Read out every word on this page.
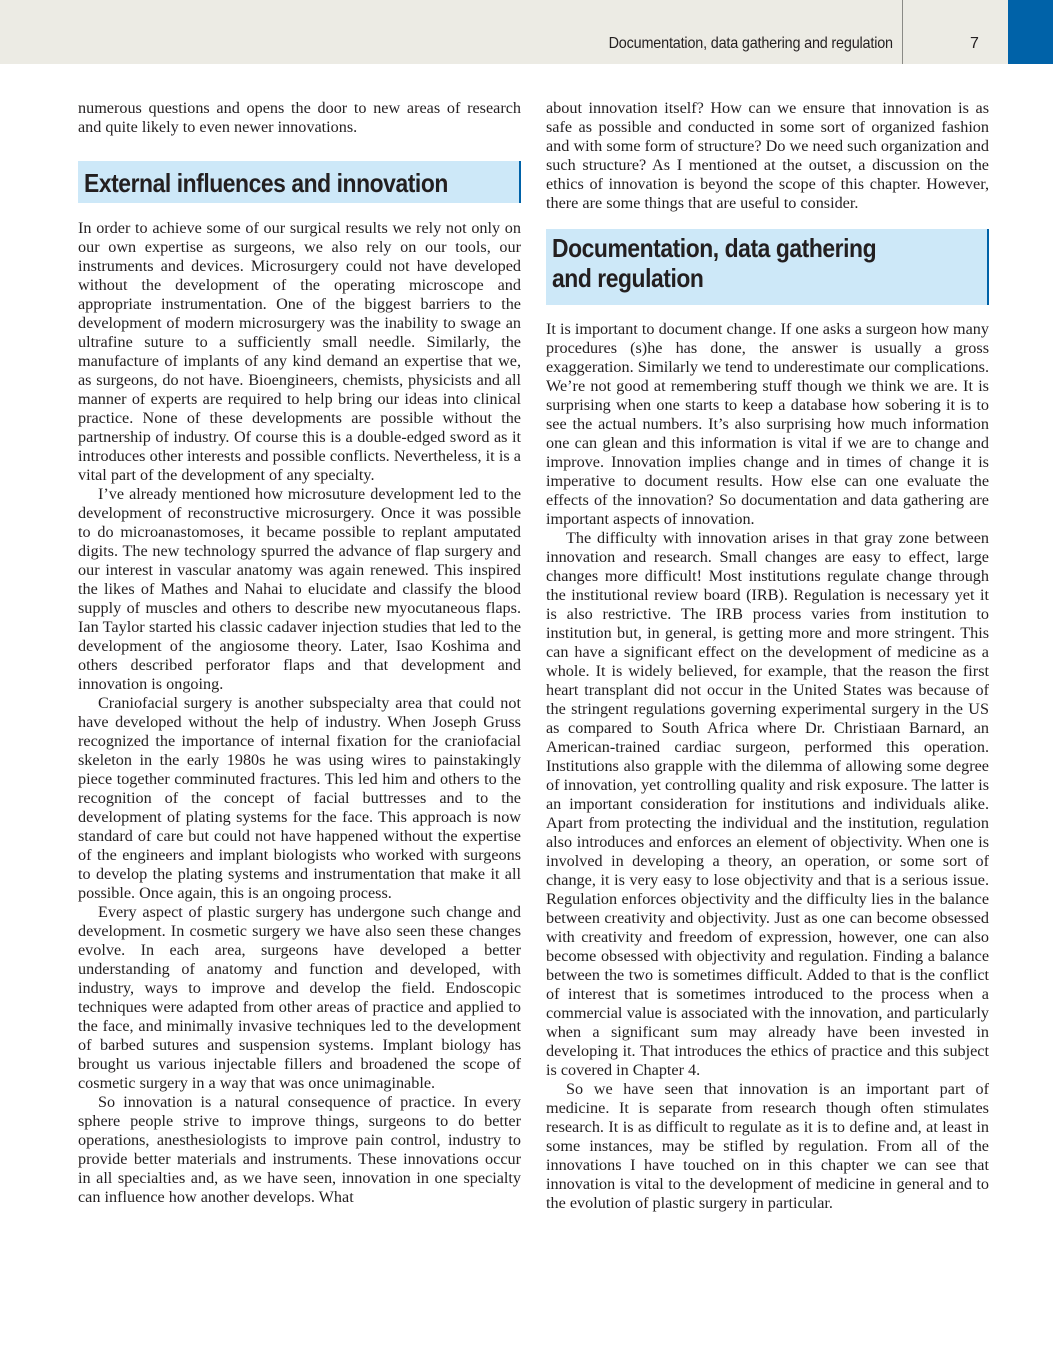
Documentation, data gathering and regulation	7

numerous questions and opens the door to new areas of research and quite likely to even newer innovations.

External influences and innovation

In order to achieve some of our surgical results we rely not only on our own expertise as surgeons, we also rely on our tools, our instruments and devices. Microsurgery could not have developed without the development of the operating microscope and appropriate instrumentation. One of the biggest barriers to the development of modern microsurgery was the inability to swage an ultrafine suture to a sufficiently small needle. Similarly, the manufacture of implants of any kind demand an expertise that we, as surgeons, do not have. Bioengineers, chemists, physicists and all manner of experts are required to help bring our ideas into clinical practice. None of these developments are possible without the partnership of industry. Of course this is a double-edged sword as it introduces other interests and possible conflicts. Nevertheless, it is a vital part of the development of any specialty.

I’ve already mentioned how microsuture development led to the development of reconstructive microsurgery. Once it was possible to do microanastomoses, it became possible to replant amputated digits. The new technology spurred the advance of flap surgery and our interest in vascular anatomy was again renewed. This inspired the likes of Mathes and Nahai to elucidate and classify the blood supply of muscles and others to describe new myocutaneous flaps. Ian Taylor started his classic cadaver injection studies that led to the development of the angiosome theory. Later, Isao Koshima and others described perforator flaps and that development and innovation is ongoing.

Craniofacial surgery is another subspecialty area that could not have developed without the help of industry. When Joseph Gruss recognized the importance of internal fixation for the craniofacial skeleton in the early 1980s he was using wires to painstakingly piece together comminuted fractures. This led him and others to the recognition of the concept of facial buttresses and to the development of plating systems for the face. This approach is now standard of care but could not have happened without the expertise of the engineers and implant biologists who worked with surgeons to develop the plating systems and instrumentation that make it all possible. Once again, this is an ongoing process.

Every aspect of plastic surgery has undergone such change and development. In cosmetic surgery we have also seen these changes evolve. In each area, surgeons have developed a better understanding of anatomy and function and developed, with industry, ways to improve and develop the field. Endoscopic techniques were adapted from other areas of practice and applied to the face, and minimally invasive techniques led to the development of barbed sutures and suspension systems. Implant biology has brought us various injectable fillers and broadened the scope of cosmetic surgery in a way that was once unimaginable.

So innovation is a natural consequence of practice. In every sphere people strive to improve things, surgeons to do better operations, anesthesiologists to improve pain control, industry to provide better materials and instruments. These innovations occur in all specialties and, as we have seen, innovation in one specialty can influence how another develops. What

about innovation itself? How can we ensure that innovation is as safe as possible and conducted in some sort of organized fashion and with some form of structure? Do we need such organization and such structure? As I mentioned at the outset, a discussion on the ethics of innovation is beyond the scope of this chapter. However, there are some things that are useful to consider.

Documentation, data gathering
and regulation

It is important to document change. If one asks a surgeon how many procedures (s)he has done, the answer is usually a gross exaggeration. Similarly we tend to underestimate our complications. We’re not good at remembering stuff though we think we are. It is surprising when one starts to keep a database how sobering it is to see the actual numbers. It’s also surprising how much information one can glean and this information is vital if we are to change and improve. Innovation implies change and in times of change it is imperative to document results. How else can one evaluate the effects of the innovation? So documentation and data gathering are important aspects of innovation.

The difficulty with innovation arises in that gray zone between innovation and research. Small changes are easy to effect, large changes more difficult! Most institutions regulate change through the institutional review board (IRB). Regulation is necessary yet it is also restrictive. The IRB process varies from institution to institution but, in general, is getting more and more stringent. This can have a significant effect on the development of medicine as a whole. It is widely believed, for example, that the reason the first heart transplant did not occur in the United States was because of the stringent regulations governing experimental surgery in the US as compared to South Africa where Dr. Christiaan Barnard, an American-trained cardiac surgeon, performed this operation. Institutions also grapple with the dilemma of allowing some degree of innovation, yet controlling quality and risk exposure. The latter is an important consideration for institutions and individuals alike. Apart from protecting the individual and the institution, regulation also introduces and enforces an element of objectivity. When one is involved in developing a theory, an operation, or some sort of change, it is very easy to lose objectivity and that is a serious issue. Regulation enforces objectivity and the difficulty lies in the balance between creativity and objectivity. Just as one can become obsessed with creativity and freedom of expression, however, one can also become obsessed with objectivity and regulation. Finding a balance between the two is sometimes difficult. Added to that is the conflict of interest that is sometimes introduced to the process when a commercial value is associated with the innovation, and particularly when a significant sum may already have been invested in developing it. That introduces the ethics of practice and this subject is covered in Chapter 4.

So we have seen that innovation is an important part of medicine. It is separate from research though often stimulates research. It is as difficult to regulate as it is to define and, at least in some instances, may be stifled by regulation. From all of the innovations I have touched on in this chapter we can see that innovation is vital to the development of medicine in general and to the evolution of plastic surgery in particular.
